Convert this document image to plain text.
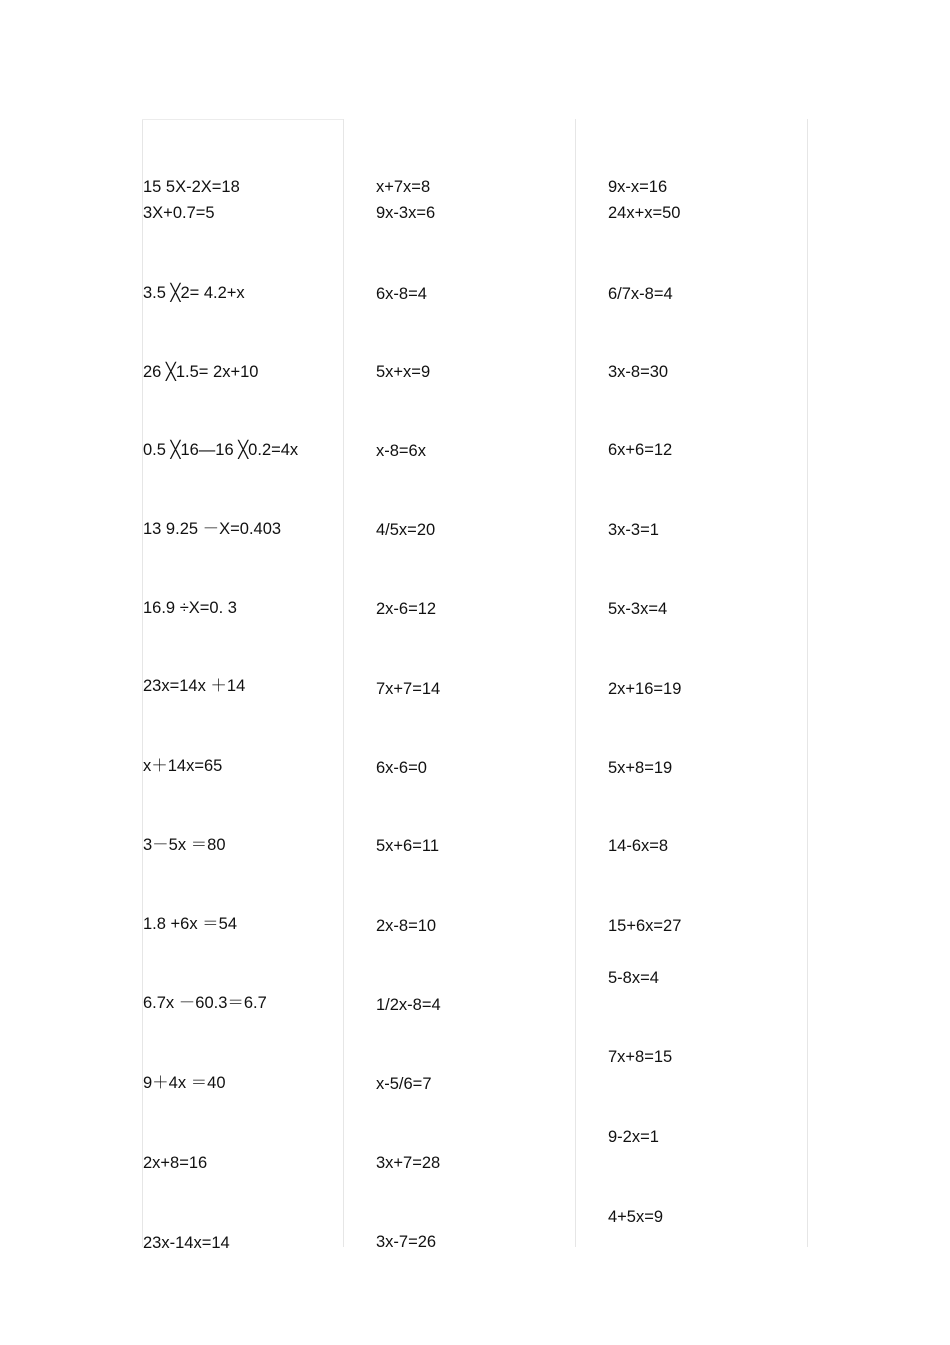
15 5X-2X=18
3X+0.7=5
3.5 ╳2= 4.2+x
26 ╳1.5= 2x+10
0.5 ╳16—16 ╳0.2=4x
13 9.25 －X=0.403
16.9 ÷X=0. 3
23x=14x ＋14
x＋14x=65
3－5x ＝80
1.8 +6x ＝54
6.7x －60.3＝6.7
9＋4x ＝40
2x+8=16
23x-14x=14
x+7x=8
9x-3x=6
6x-8=4
5x+x=9
x-8=6x
4/5x=20
2x-6=12
7x+7=14
6x-6=0
5x+6=11
2x-8=10
1/2x-8=4
x-5/6=7
3x+7=28
3x-7=26
9x-x=16
24x+x=50
6/7x-8=4
3x-8=30
6x+6=12
3x-3=1
5x-3x=4
2x+16=19
5x+8=19
14-6x=8
15+6x=27
5-8x=4
7x+8=15
9-2x=1
4+5x=9
